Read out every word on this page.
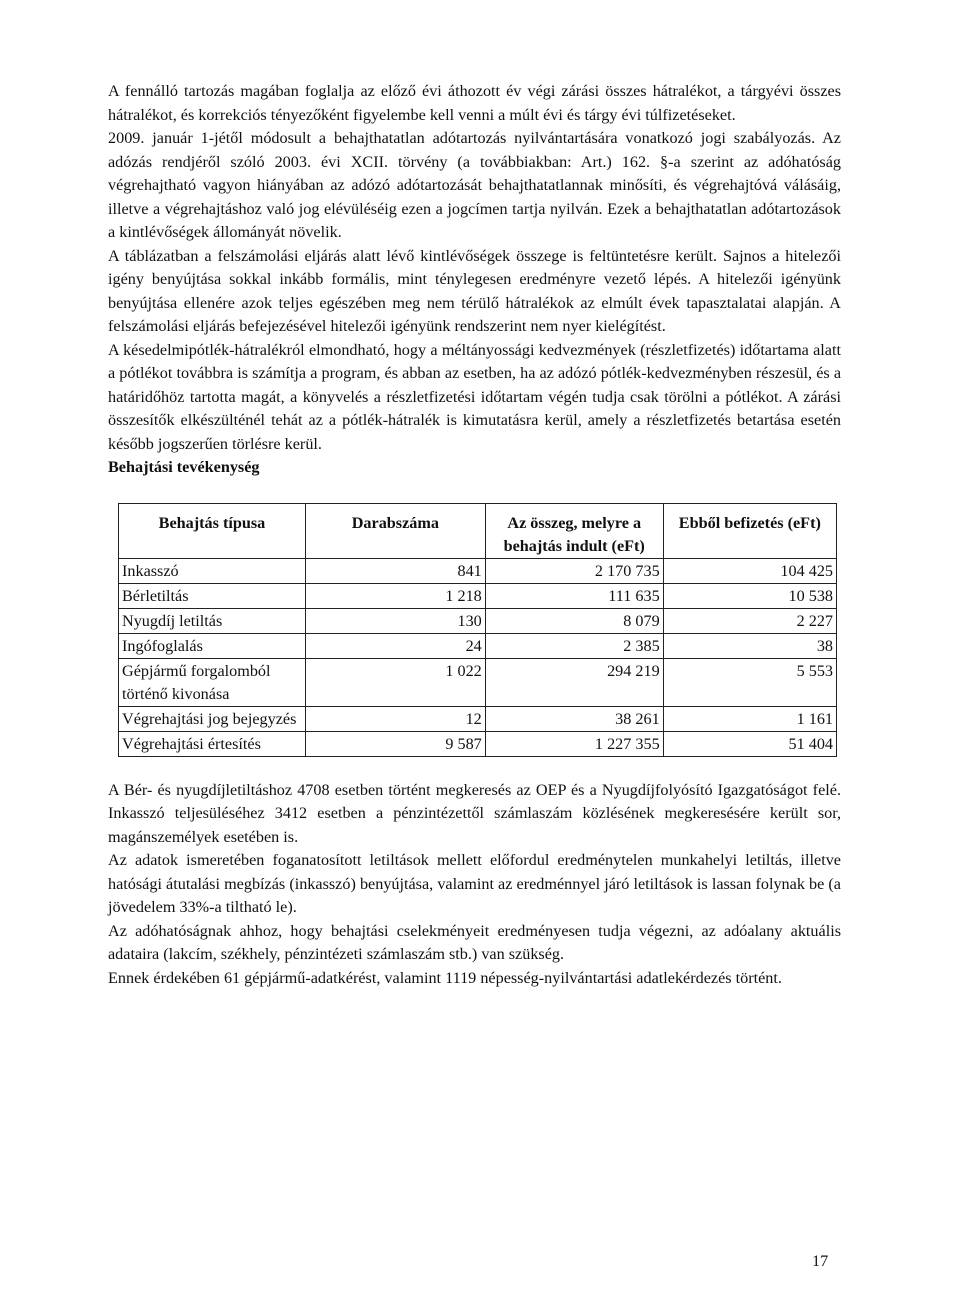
A fennálló tartozás magában foglalja az előző évi áthozott év végi zárási összes hátralékot, a tárgyévi összes hátralékot, és korrekciós tényezőként figyelembe kell venni a múlt évi és tárgy évi túlfizetéseket.

2009. január 1-jétől módosult a behajthatatlan adótartozás nyilvántartására vonatkozó jogi szabályozás. Az adózás rendjéről szóló 2003. évi XCII. törvény (a továbbiakban: Art.) 162. §-a szerint az adóhatóság végrehajtható vagyon hiányában az adózó adótartozását behajthatatlannak minősíti, és végrehajtóvá válásáig, illetve a végrehajtáshoz való jog elévüléséig ezen a jogcímen tartja nyilván. Ezek a behajthatatlan adótartozások a kintlévőségek állományát növelik.

A táblázatban a felszámolási eljárás alatt lévő kintlévőségek összege is feltüntetésre került. Sajnos a hitelezői igény benyújtása sokkal inkább formális, mint ténylegesen eredményre vezető lépés. A hitelezői igényünk benyújtása ellenére azok teljes egészében meg nem térülő hátralékok az elmúlt évek tapasztalatai alapján. A felszámolási eljárás befejezésével hitelezői igényünk rendszerint nem nyer kielégítést.

A késedelmipótlék-hátralékról elmondható, hogy a méltányossági kedvezmények (részletfizetés) időtartama alatt a pótlékot továbbra is számítja a program, és abban az esetben, ha az adózó pótlék-kedvezményben részesül, és a határidőhöz tartotta magát, a könyvelés a részletfizetési időtartam végén tudja csak törölni a pótlékot. A zárási összesítők elkészülténél tehát az a pótlék-hátralék is kimutatásra kerül, amely a részletfizetés betartása esetén később jogszerűen törlésre kerül.

Behajtási tevékenység
Behajtás típusa	Darabszáma	Az összeg, melyre a behajtás indult (eFt)	Ebből befizetés (eFt)
Inkasszó	841	2 170 735	104 425
Bérletiltás	1 218	111 635	10 538
Nyugdíj letiltás	130	8 079	2 227
Ingófoglalás	24	2 385	38
Gépjármű forgalomból történő kivonása	1 022	294 219	5 553
Végrehajtási jog bejegyzés	12	38 261	1 161
Végrehajtási értesítés	9 587	1 227 355	51 404

A Bér- és nyugdíjletiltáshoz 4708 esetben történt megkeresés az OEP és a Nyugdíjfolyósító Igazgatóságot felé. Inkasszó teljesüléséhez 3412 esetben a pénzintézettől számlaszám közlésének megkeresésére került sor, magánszemélyek esetében is.

Az adatok ismeretében foganatosított letiltások mellett előfordul eredménytelen munkahelyi letiltás, illetve hatósági átutalási megbízás (inkasszó) benyújtása, valamint az eredménnyel járó letiltások is lassan folynak be (a jövedelem 33%-a tiltható le).

Az adóhatóságnak ahhoz, hogy behajtási cselekményeit eredményesen tudja végezni, az adóalany aktuális adataira (lakcím, székhely, pénzintézeti számlaszám stb.) van szükség.

Ennek érdekében 61 gépjármű-adatkérést, valamint 1119 népesség-nyilvántartási adatlekérdezés történt.

17
